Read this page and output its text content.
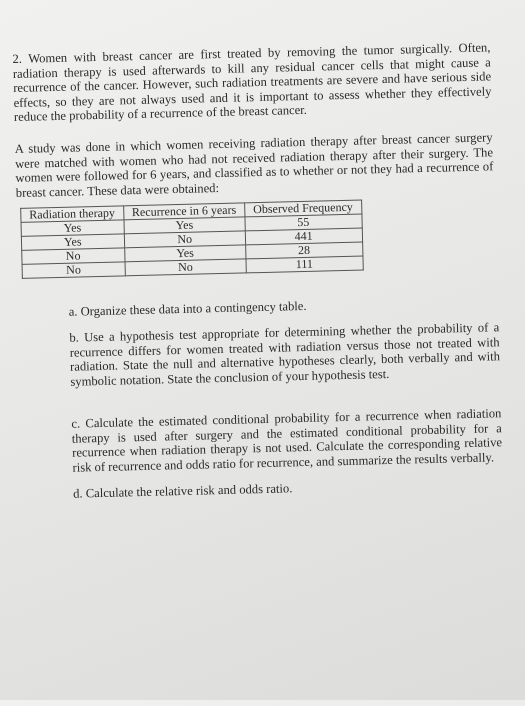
2. Women with breast cancer are first treated by removing the tumor surgically. Often, radiation therapy is used afterwards to kill any residual cancer cells that might cause a recurrence of the cancer. However, such radiation treatments are severe and have serious side effects, so they are not always used and it is important to assess whether they effectively reduce the probability of a recurrence of the breast cancer.
A study was done in which women receiving radiation therapy after breast cancer surgery were matched with women who had not received radiation therapy after their surgery. The women were followed for 6 years, and classified as to whether or not they had a recurrence of breast cancer. These data were obtained:
Radiation therapy	Recurrence in 6 years	Observed Frequency
Yes	Yes	55
Yes	No	441
No	Yes	28
No	No	111
a. Organize these data into a contingency table.
b. Use a hypothesis test appropriate for determining whether the probability of a recurrence differs for women treated with radiation versus those not treated with radiation. State the null and alternative hypotheses clearly, both verbally and with symbolic notation. State the conclusion of your hypothesis test.
c. Calculate the estimated conditional probability for a recurrence when radiation therapy is used after surgery and the estimated conditional probability for a recurrence when radiation therapy is not used. Calculate the corresponding relative risk of recurrence and odds ratio for recurrence, and summarize the results verbally.
d. Calculate the relative risk and odds ratio.
